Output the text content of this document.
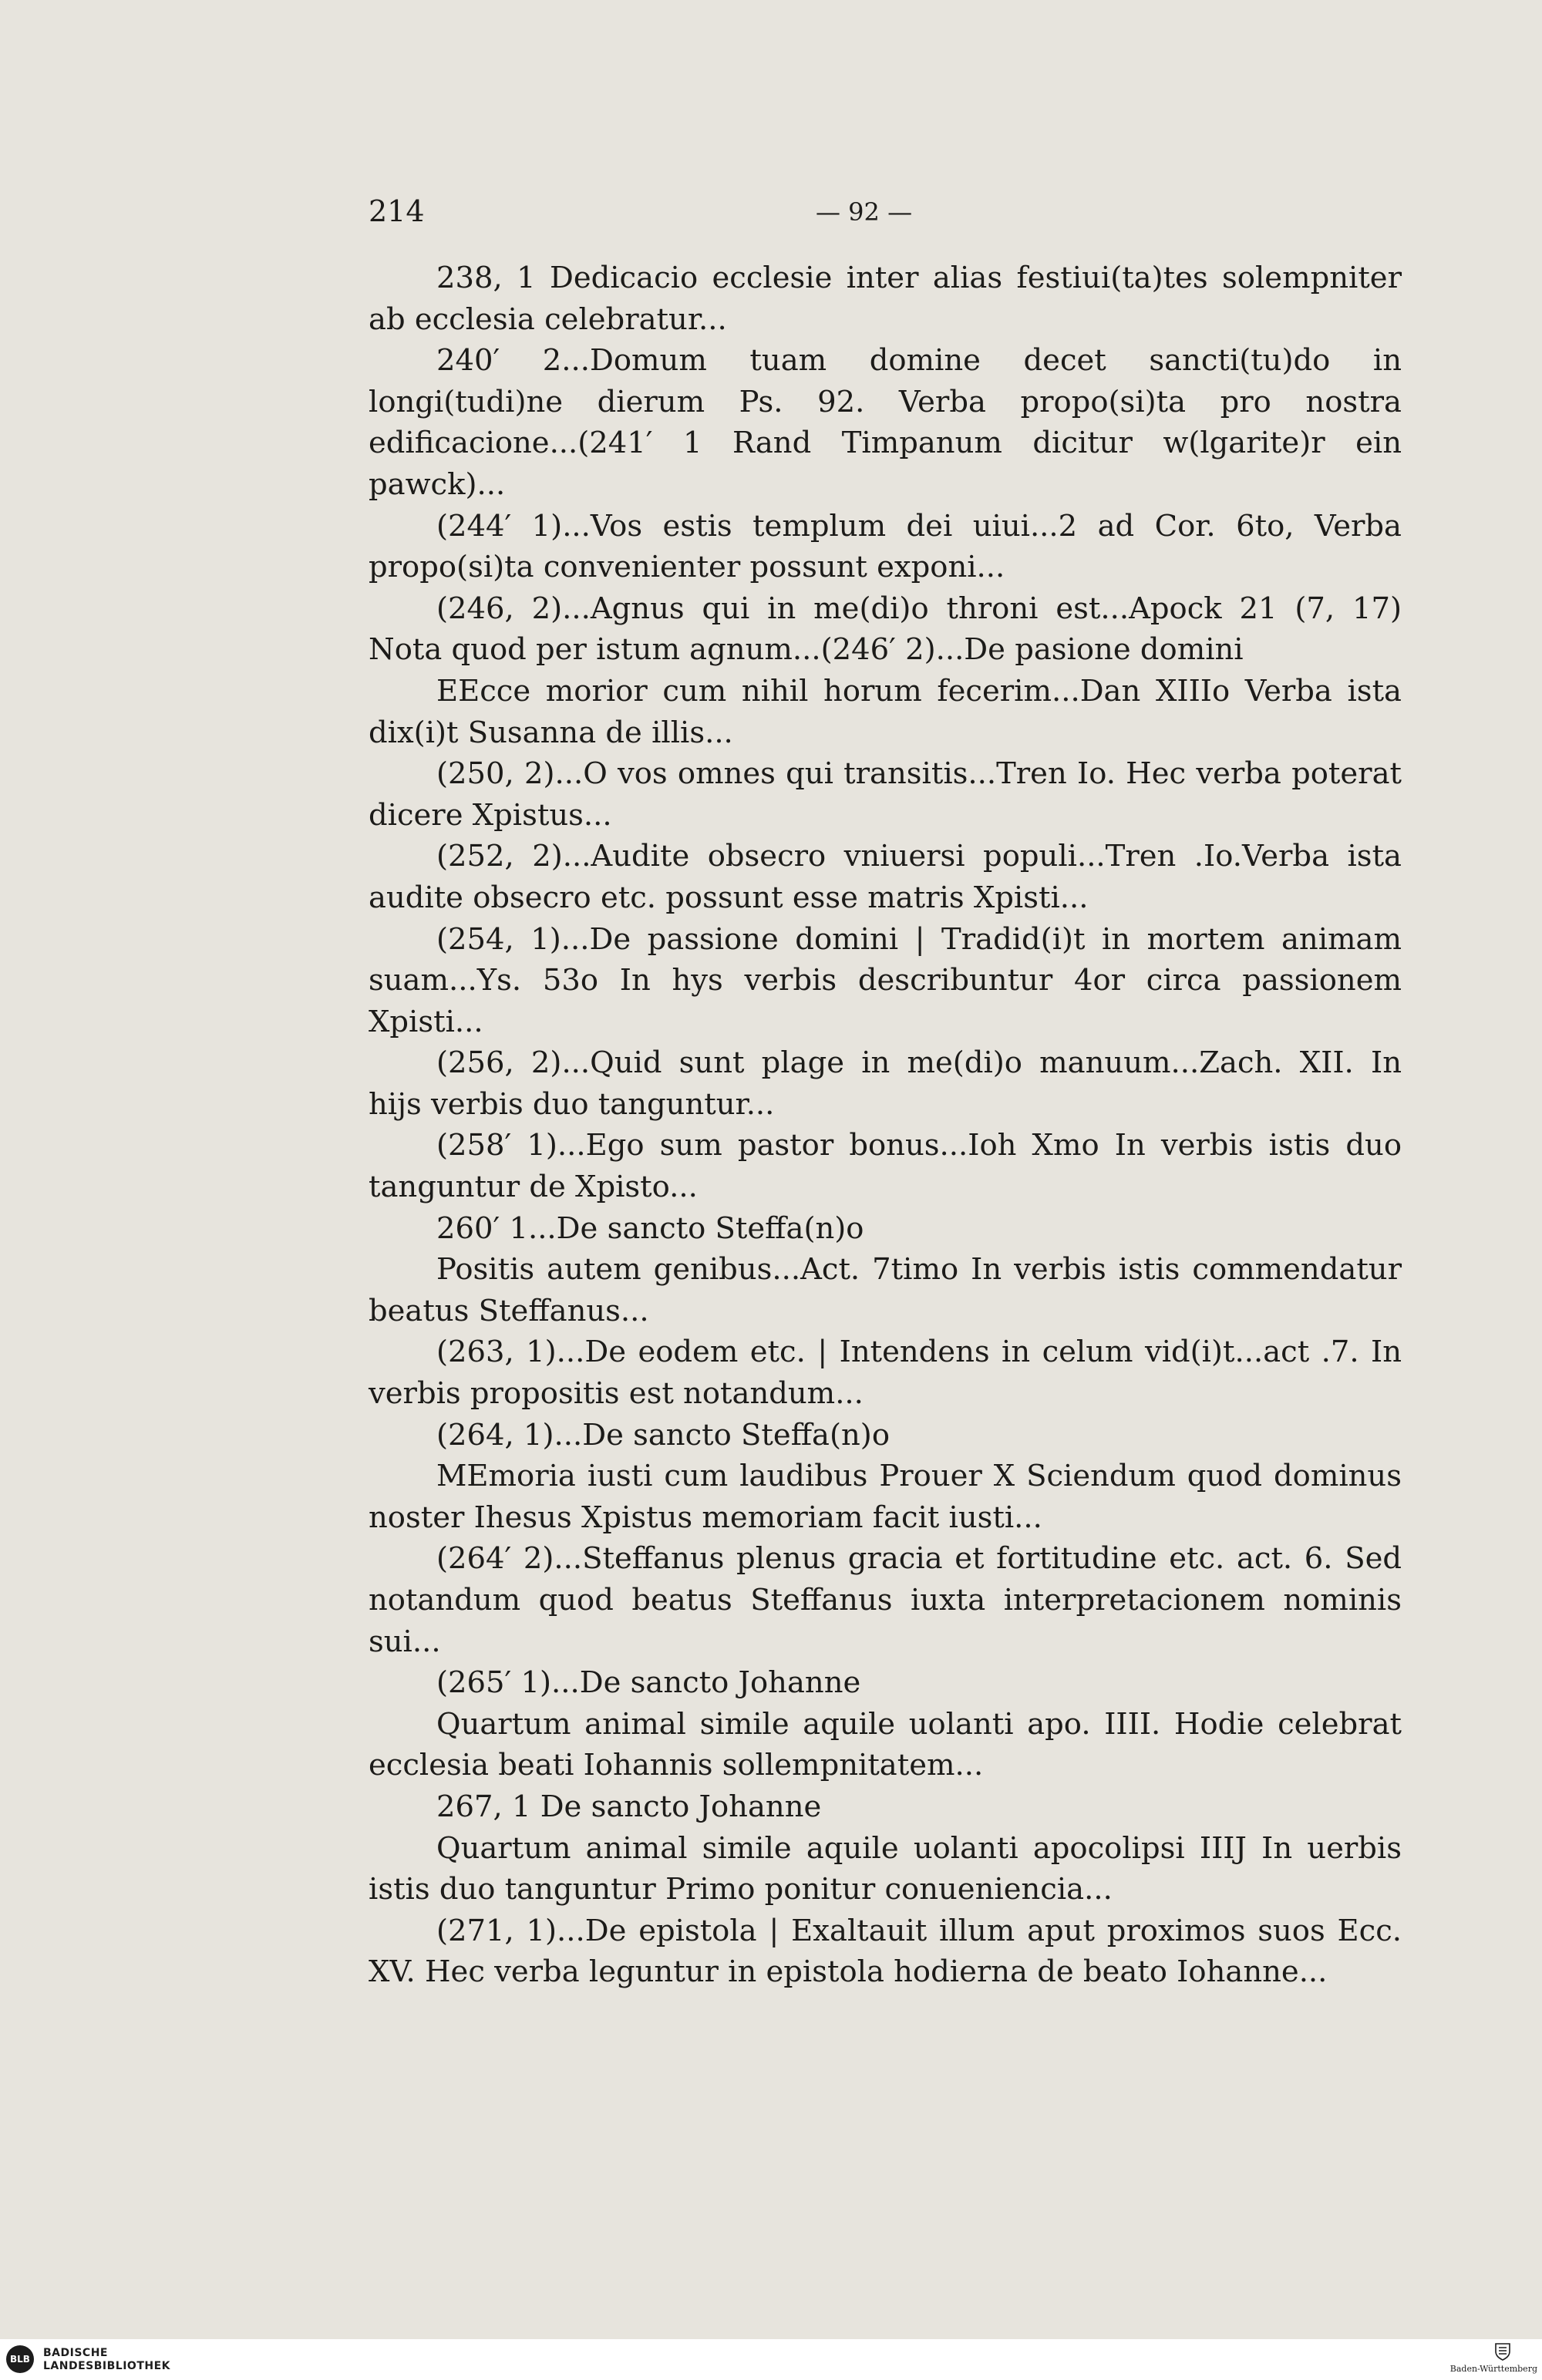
214	— 92 —

238, 1 Dedicacio ecclesie inter alias festiui(ta)tes solempniter ab ecclesia celebratur...

240′ 2...Domum tuam domine decet sancti(tu)do in longi(tudi)ne dierum Ps. 92. Verba propo(si)ta pro nostra edificacione...(241′ 1 Rand Timpanum dicitur w(lgarite)r ein pawck)...

(244′ 1)...Vos estis templum dei uiui...2 ad Cor. 6to, Verba propo(si)ta convenienter possunt exponi...

(246, 2)...Agnus qui in me(di)o throni est...Apock 21 (7, 17) Nota quod per istum agnum...(246′ 2)...De pasione domini

EEcce morior cum nihil horum fecerim...Dan XIIIo Verba ista dix(i)t Susanna de illis...

(250, 2)...O vos omnes qui transitis...Tren Io. Hec verba poterat dicere Xpistus...

(252, 2)...Audite obsecro vniuersi populi...Tren .Io.Verba ista audite obsecro etc. possunt esse matris Xpisti...

(254, 1)...De passione domini | Tradid(i)t in mortem animam suam...Ys. 53o In hys verbis describuntur 4or circa passionem Xpisti...

(256, 2)...Quid sunt plage in me(di)o manuum...Zach. XII. In hijs verbis duo tanguntur...

(258′ 1)...Ego sum pastor bonus...Ioh Xmo In verbis istis duo tanguntur de Xpisto...

260′ 1...De sancto Steffa(n)o

Positis autem genibus...Act. 7timo In verbis istis commendatur beatus Steffanus...

(263, 1)...De eodem etc. | Intendens in celum vid(i)t...act .7. In verbis propositis est notandum...

(264, 1)...De sancto Steffa(n)o

MEmoria iusti cum laudibus Prouer X Sciendum quod dominus noster Ihesus Xpistus memoriam facit iusti...

(264′ 2)...Steffanus plenus gracia et fortitudine etc. act. 6. Sed notandum quod beatus Steffanus iuxta interpretacionem nominis sui...

(265′ 1)...De sancto Johanne

Quartum animal simile aquile uolanti apo. IIII. Hodie celebrat ecclesia beati Iohannis sollempnitatem...

267, 1 De sancto Johanne

Quartum animal simile aquile uolanti apocolipsi IIIJ In uerbis istis duo tanguntur Primo ponitur conueniencia...

(271, 1)...De epistola | Exaltauit illum aput proximos suos Ecc. XV. Hec verba leguntur in epistola hodierna de beato Iohanne...

BLB	BADISCHE
LANDESBIBLIOTHEK	Baden-Württemberg
